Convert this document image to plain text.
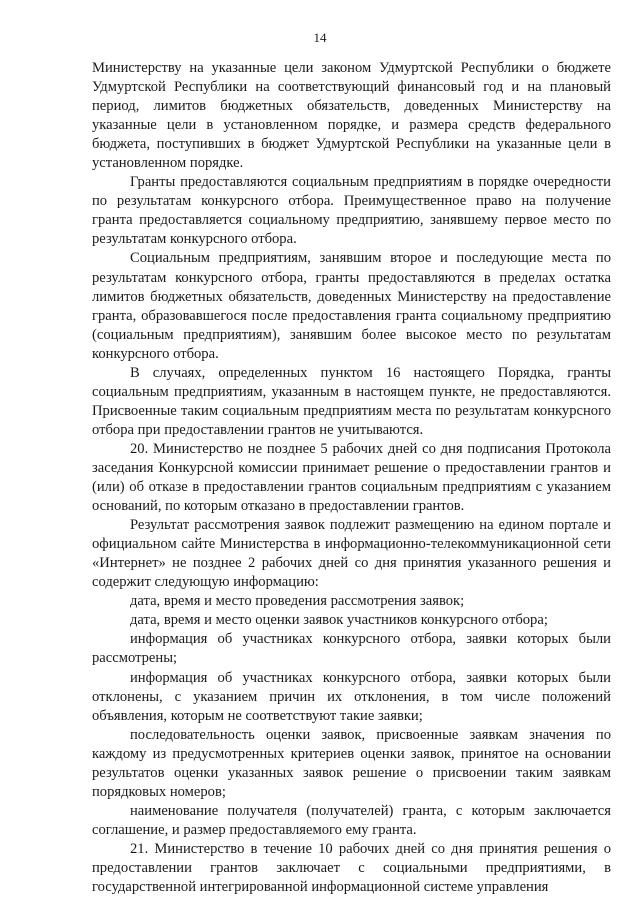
14

Министерству на указанные цели законом Удмуртской Республики о бюджете Удмуртской Республики на соответствующий финансовый год и на плановый период, лимитов бюджетных обязательств, доведенных Министерству на указанные цели в установленном порядке, и размера средств федерального бюджета, поступивших в бюджет Удмуртской Республики на указанные цели в установленном порядке.

Гранты предоставляются социальным предприятиям в порядке очередности по результатам конкурсного отбора. Преимущественное право на получение гранта предоставляется социальному предприятию, занявшему первое место по результатам конкурсного отбора.

Социальным предприятиям, занявшим второе и последующие места по результатам конкурсного отбора, гранты предоставляются в пределах остатка лимитов бюджетных обязательств, доведенных Министерству на предоставление гранта, образовавшегося после предоставления гранта социальному предприятию (социальным предприятиям), занявшим более высокое место по результатам конкурсного отбора.

В случаях, определенных пунктом 16 настоящего Порядка, гранты социальным предприятиям, указанным в настоящем пункте, не предоставляются. Присвоенные таким социальным предприятиям места по результатам конкурсного отбора при предоставлении грантов не учитываются.

20. Министерство не позднее 5 рабочих дней со дня подписания Протокола заседания Конкурсной комиссии принимает решение о предоставлении грантов и (или) об отказе в предоставлении грантов социальным предприятиям с указанием оснований, по которым отказано в предоставлении грантов.

Результат рассмотрения заявок подлежит размещению на едином портале и официальном сайте Министерства в информационно-телекоммуникационной сети «Интернет» не позднее 2 рабочих дней со дня принятия указанного решения и содержит следующую информацию:

дата, время и место проведения рассмотрения заявок;

дата, время и место оценки заявок участников конкурсного отбора;

информация об участниках конкурсного отбора, заявки которых были рассмотрены;

информация об участниках конкурсного отбора, заявки которых были отклонены, с указанием причин их отклонения, в том числе положений объявления, которым не соответствуют такие заявки;

последовательность оценки заявок, присвоенные заявкам значения по каждому из предусмотренных критериев оценки заявок, принятое на основании результатов оценки указанных заявок решение о присвоении таким заявкам порядковых номеров;

наименование получателя (получателей) гранта, с которым заключается соглашение, и размер предоставляемого ему гранта.

21. Министерство в течение 10 рабочих дней со дня принятия решения о предоставлении грантов заключает с социальными предприятиями, в государственной интегрированной информационной системе управления
